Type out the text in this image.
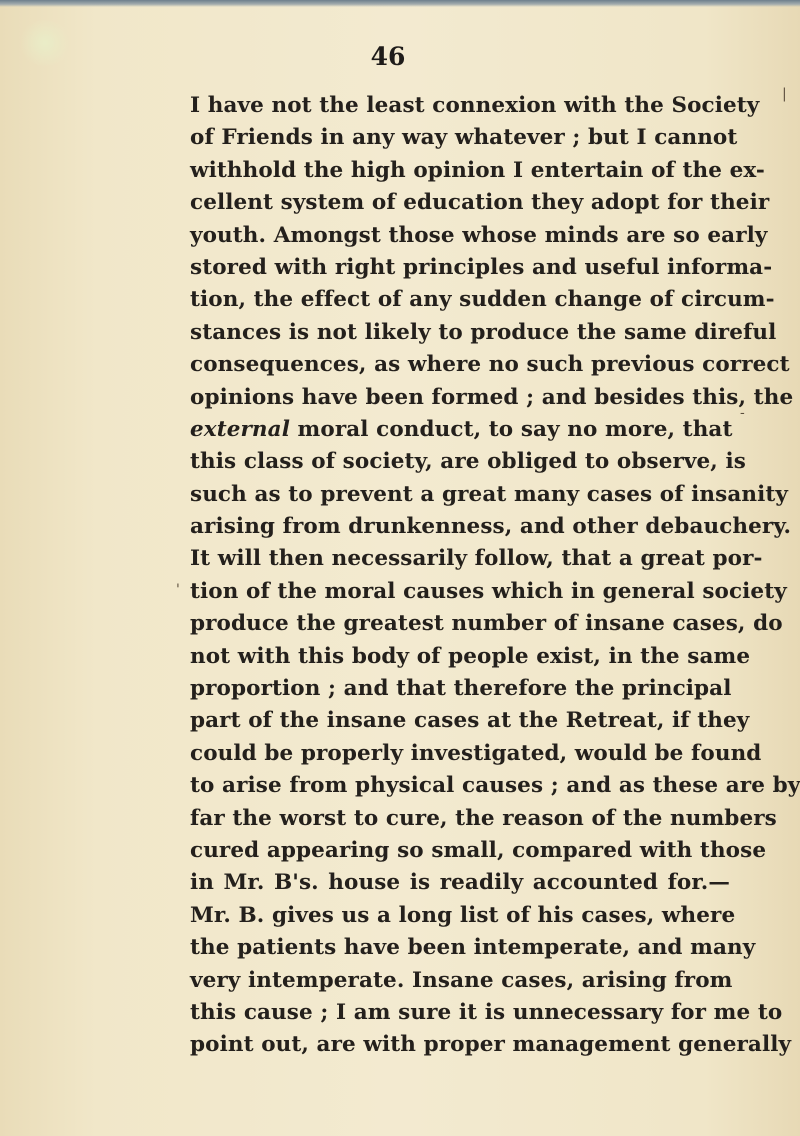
46
I have not the least connexion with the Society
of Friends in any way whatever ; but I cannot
withhold the high opinion I entertain of the ex-
cellent system of education they adopt for their
youth. Amongst those whose minds are so early
stored with right principles and useful informa-
tion, the effect of any sudden change of circum-
stances is not likely to produce the same direful
consequences, as where no such previous correct
opinions have been formed ; and besides this, the
external moral conduct, to say no more, that
this class of society, are obliged to observe, is
such as to prevent a great many cases of insanity
arising from drunkenness, and other debauchery.
It will then necessarily follow, that a great por-
tion of the moral causes which in general society
produce the greatest number of insane cases, do
not with this body of people exist, in the same
proportion ; and that therefore the principal
part of the insane cases at the Retreat, if they
could be properly investigated, would be found
to arise from physical causes ; and as these are by
far the worst to cure, the reason of the numbers
cured appearing so small, compared with those
in Mr. B's. house is readily accounted for.—
Mr. B. gives us a long list of his cases, where
the patients have been intemperate, and many
very intemperate. Insane cases, arising from
this cause ; I am sure it is unnecessary for me to
point out, are with proper management generally
|
-
'
